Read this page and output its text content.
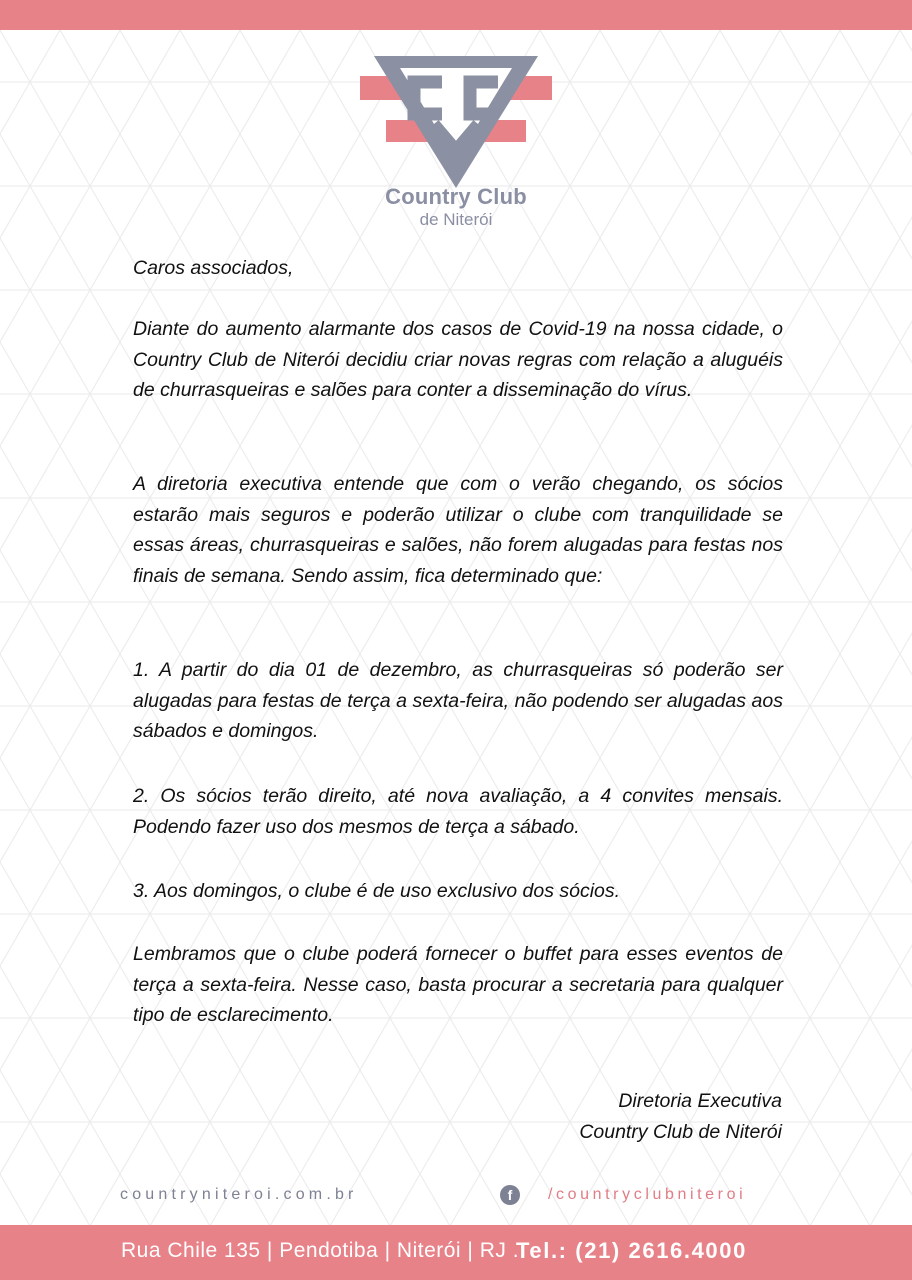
Country Club
de Niterói

Caros associados,

Diante do aumento alarmante dos casos de Covid-19 na nossa cidade, o Country Club de Niterói decidiu criar novas regras com relação a aluguéis de churrasqueiras e salões para conter a disseminação do vírus.

A diretoria executiva entende que com o verão chegando, os sócios estarão mais seguros e poderão utilizar o clube com tranquilidade se essas áreas, churrasqueiras e salões, não forem alugadas para festas nos finais de semana. Sendo assim, fica determinado que:

1. A partir do dia 01 de dezembro, as churrasqueiras só poderão ser alugadas para festas de terça a sexta-feira, não podendo ser alugadas aos sábados e domingos.

2. Os sócios terão direito, até nova avaliação, a 4 convites mensais. Podendo fazer uso dos mesmos de terça a sábado.

3. Aos domingos, o clube é de uso exclusivo dos sócios.

Lembramos que o clube poderá fornecer o buffet para esses eventos de terça a sexta-feira. Nesse caso, basta procurar a secretaria para qualquer tipo de esclarecimento.

Diretoria Executiva
Country Club de Niterói
countryniteroi.com.br	f	/countryclubniteroi
Rua Chile 135 | Pendotiba | Niterói | RJ .
Tel.: (21) 2616.4000
